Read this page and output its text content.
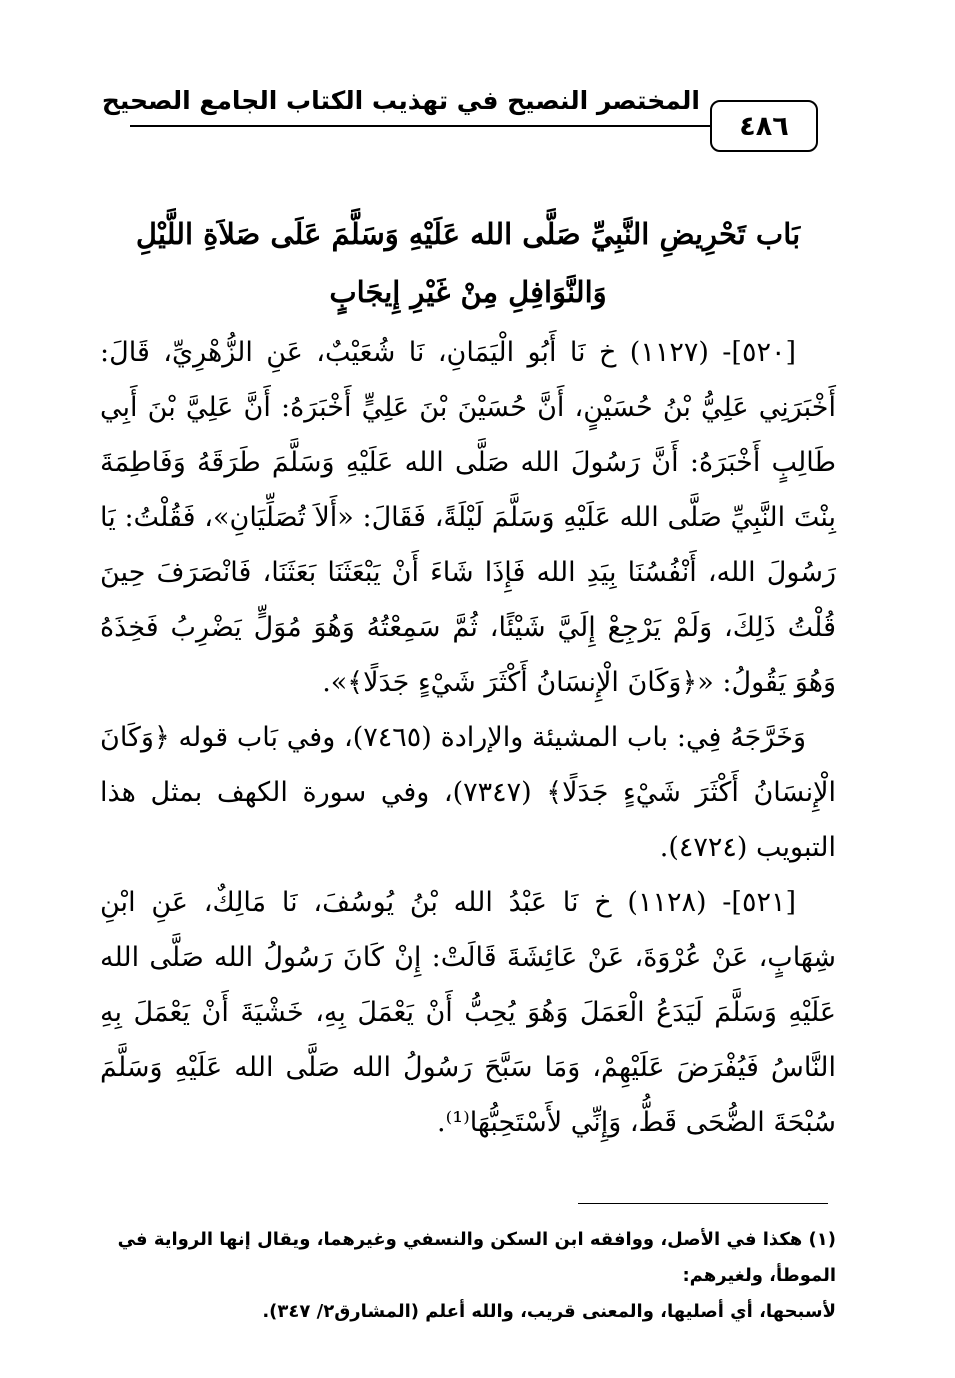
المختصر النصيح في تهذيب الكتاب الجامع الصحيح
٤٨٦

بَاب تَحْرِيضِ النَّبِيِّ صَلَّى الله عَلَيْهِ وَسَلَّمَ عَلَى صَلاَةِ اللَّيْلِ وَالنَّوَافِلِ مِنْ غَيْرِ إِيجَابٍ

[٥٢٠]- (١١٢٧) خ نَا أَبُو الْيَمَانِ، نَا شُعَيْبٌ، عَنِ الزُّهْرِيِّ، قَالَ: أَخْبَرَنِي عَلِيُّ بْنُ حُسَيْنٍ، أَنَّ حُسَيْنَ بْنَ عَلِيٍّ أَخْبَرَهُ: أَنَّ عَلِيَّ بْنَ أَبِي طَالِبٍ أَخْبَرَهُ: أَنَّ رَسُولَ الله صَلَّى الله عَلَيْهِ وَسَلَّمَ طَرَقَهُ وَفَاطِمَةَ بِنْتَ النَّبِيِّ صَلَّى الله عَلَيْهِ وَسَلَّمَ لَيْلَةً، فَقَالَ: «أَلاَ تُصَلِّيَانِ»، فَقُلْتُ: يَا رَسُولَ الله، أَنْفُسُنَا بِيَدِ الله فَإِذَا شَاءَ أَنْ يَبْعَثَنَا بَعَثَنَا، فَانْصَرَفَ حِينَ قُلْتُ ذَلِكَ، وَلَمْ يَرْجِعْ إِلَيَّ شَيْئًا، ثُمَّ سَمِعْتُهُ وَهُوَ مُوَلٍّ يَضْرِبُ فَخِذَهُ وَهُوَ يَقُولُ: «﴿وَكَانَ الْإِنسَانُ أَكْثَرَ شَيْءٍ جَدَلًا﴾».

وَخَرَّجَهُ فِي: باب المشيئة والإرادة (٧٤٦٥)، وفي بَاب قوله ﴿وَكَانَ الْإِنسَانُ أَكْثَرَ شَيْءٍ جَدَلًا﴾ (٧٣٤٧)، وفي سورة الكهف بمثل هذا التبويب (٤٧٢٤).

[٥٢١]- (١١٢٨) خ نَا عَبْدُ الله بْنُ يُوسُفَ، نَا مَالِكٌ، عَنِ ابْنِ شِهَابٍ، عَنْ عُرْوَةَ، عَنْ عَائِشَةَ قَالَتْ: إِنْ كَانَ رَسُولُ الله صَلَّى الله عَلَيْهِ وَسَلَّمَ لَيَدَعُ الْعَمَلَ وَهُوَ يُحِبُّ أَنْ يَعْمَلَ بِهِ، خَشْيَةَ أَنْ يَعْمَلَ بِهِ النَّاسُ فَيُفْرَضَ عَلَيْهِمْ، وَمَا سَبَّحَ رَسُولُ الله صَلَّى الله عَلَيْهِ وَسَلَّمَ سُبْحَةَ الضُّحَى قَطُّ، وَإِنِّي لأَسْتَحِبُّهَا⁽¹⁾.

(١) هكذا في الأصل، ووافقه ابن السكن والنسفي وغيرهما، ويقال إنها الرواية في الموطأ، ولغيرهم:

لأسبحها، أي أصليها، والمعنى قريب، والله أعلم (المشارق٢/ ٣٤٧).
